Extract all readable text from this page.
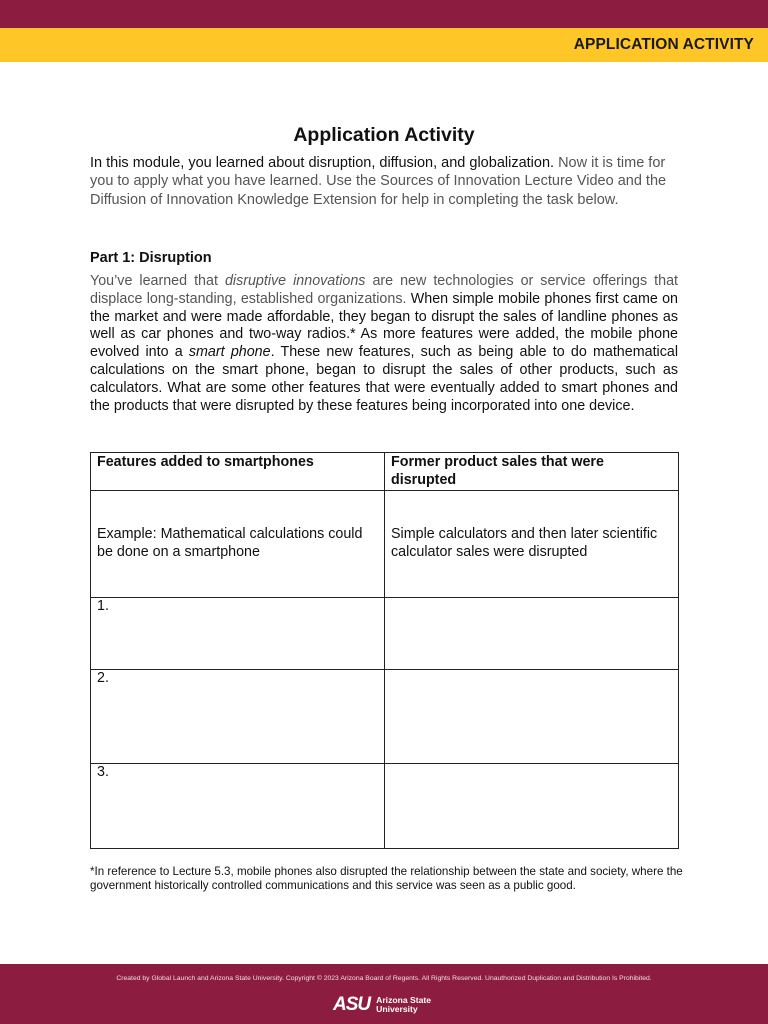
APPLICATION ACTIVITY
Application Activity
In this module, you learned about disruption, diffusion, and globalization. Now it is time for you to apply what you have learned. Use the Sources of Innovation Lecture Video and the Diffusion of Innovation Knowledge Extension for help in completing the task below.
Part 1: Disruption
You’ve learned that disruptive innovations are new technologies or service offerings that displace long-standing, established organizations. When simple mobile phones first came on the market and were made affordable, they began to disrupt the sales of landline phones as well as car phones and two-way radios.* As more features were added, the mobile phone evolved into a smart phone. These new features, such as being able to do mathematical calculations on the smart phone, began to disrupt the sales of other products, such as calculators. What are some other features that were eventually added to smart phones and the products that were disrupted by these features being incorporated into one device.
Features added to smartphones	Former product sales that were disrupted
Example: Mathematical calculations could be done on a smartphone	Simple calculators and then later scientific calculator sales were disrupted
1.	
2.	
3.	
*In reference to Lecture 5.3, mobile phones also disrupted the relationship between the state and society, where the government historically controlled communications and this service was seen as a public good.
Created by Global Launch and Arizona State University. Copyright © 2023 Arizona Board of Regents. All Rights Reserved. Unauthorized Duplication and Distribution Is Prohibited.
ASU Arizona State
University
